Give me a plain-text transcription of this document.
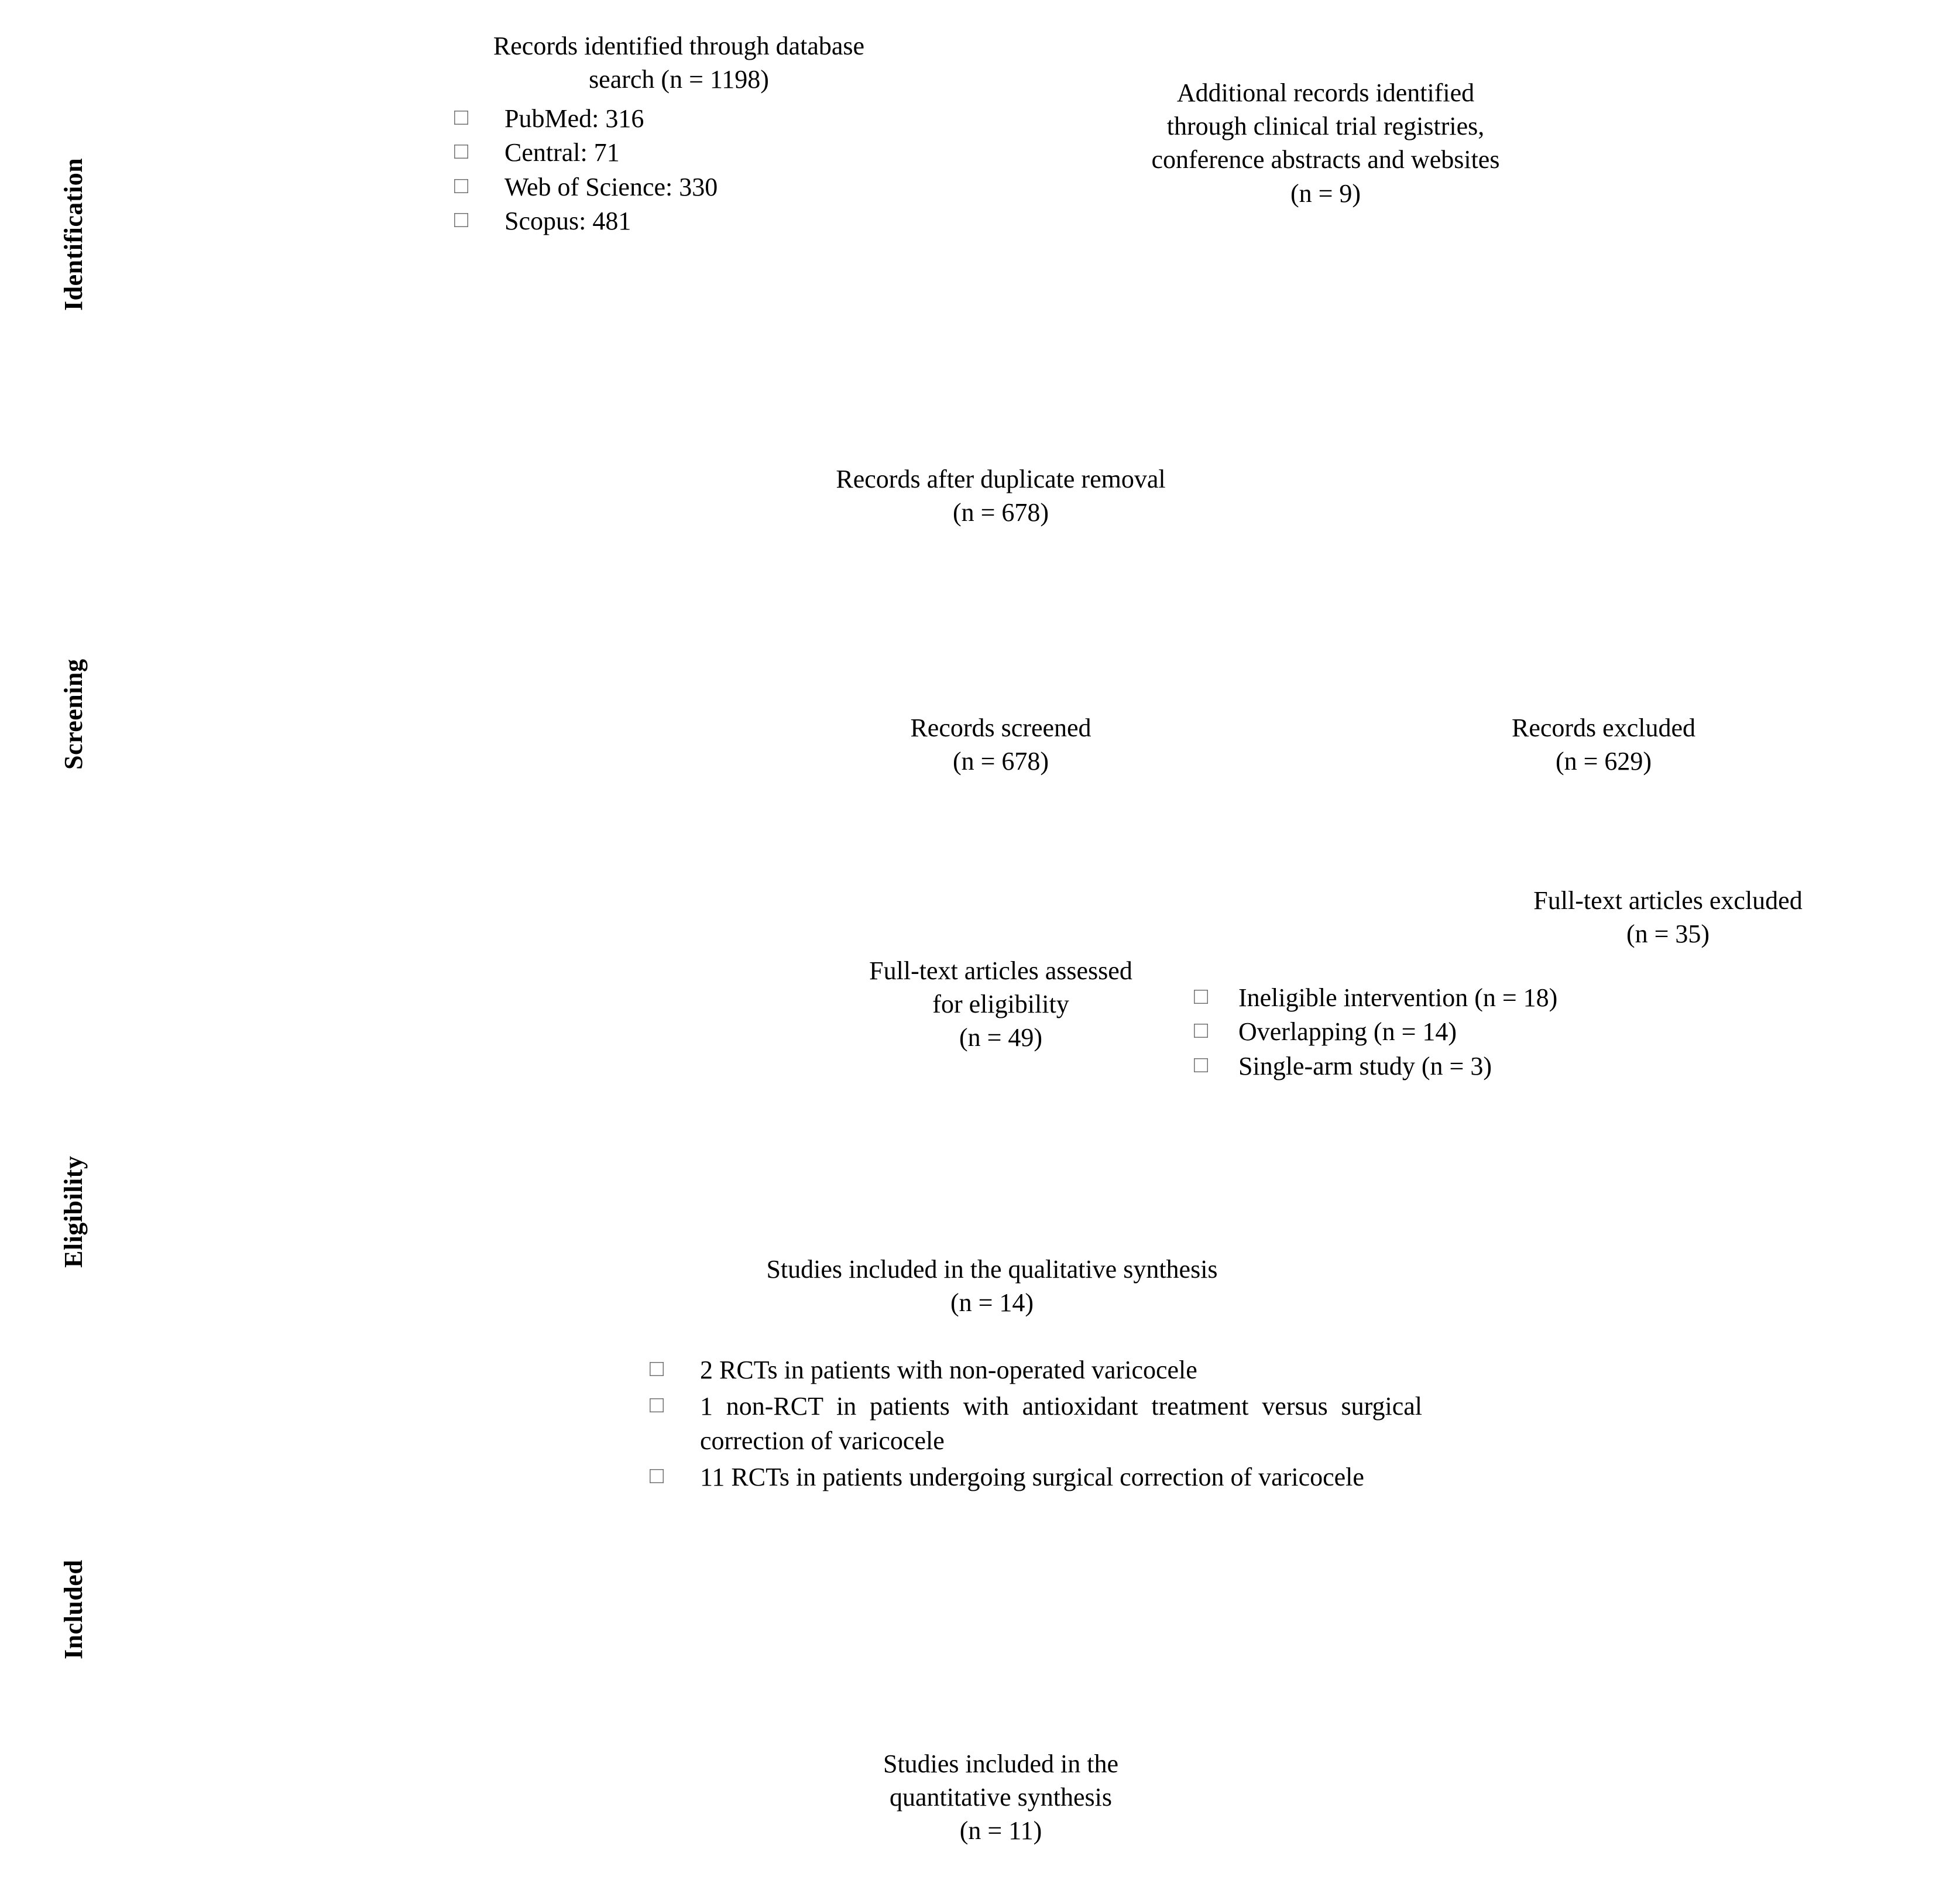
Identification
Screening
Eligibility
Included
Records identified through database
search (n = 1198)
□ PubMed: 316
□ Central: 71
□ Web of Science: 330
□ Scopus: 481
Additional records identified
through clinical trial registries,
conference abstracts and websites
(n = 9)
Records after duplicate removal
(n = 678)
Records screened
(n = 678)
Records excluded
(n = 629)
Full-text articles assessed
for eligibility
(n = 49)
Full-text articles excluded
(n = 35)
□ Ineligible intervention (n = 18)
□ Overlapping (n = 14)
□ Single-arm study (n = 3)
Studies included in the qualitative synthesis
(n = 14)
□ 2 RCTs in patients with non-operated varicocele
□ 1 non-RCT in patients with antioxidant treatment versus surgical correction of varicocele
□ 11 RCTs in patients undergoing surgical correction of varicocele
Studies included in the
quantitative synthesis
(n = 11)
